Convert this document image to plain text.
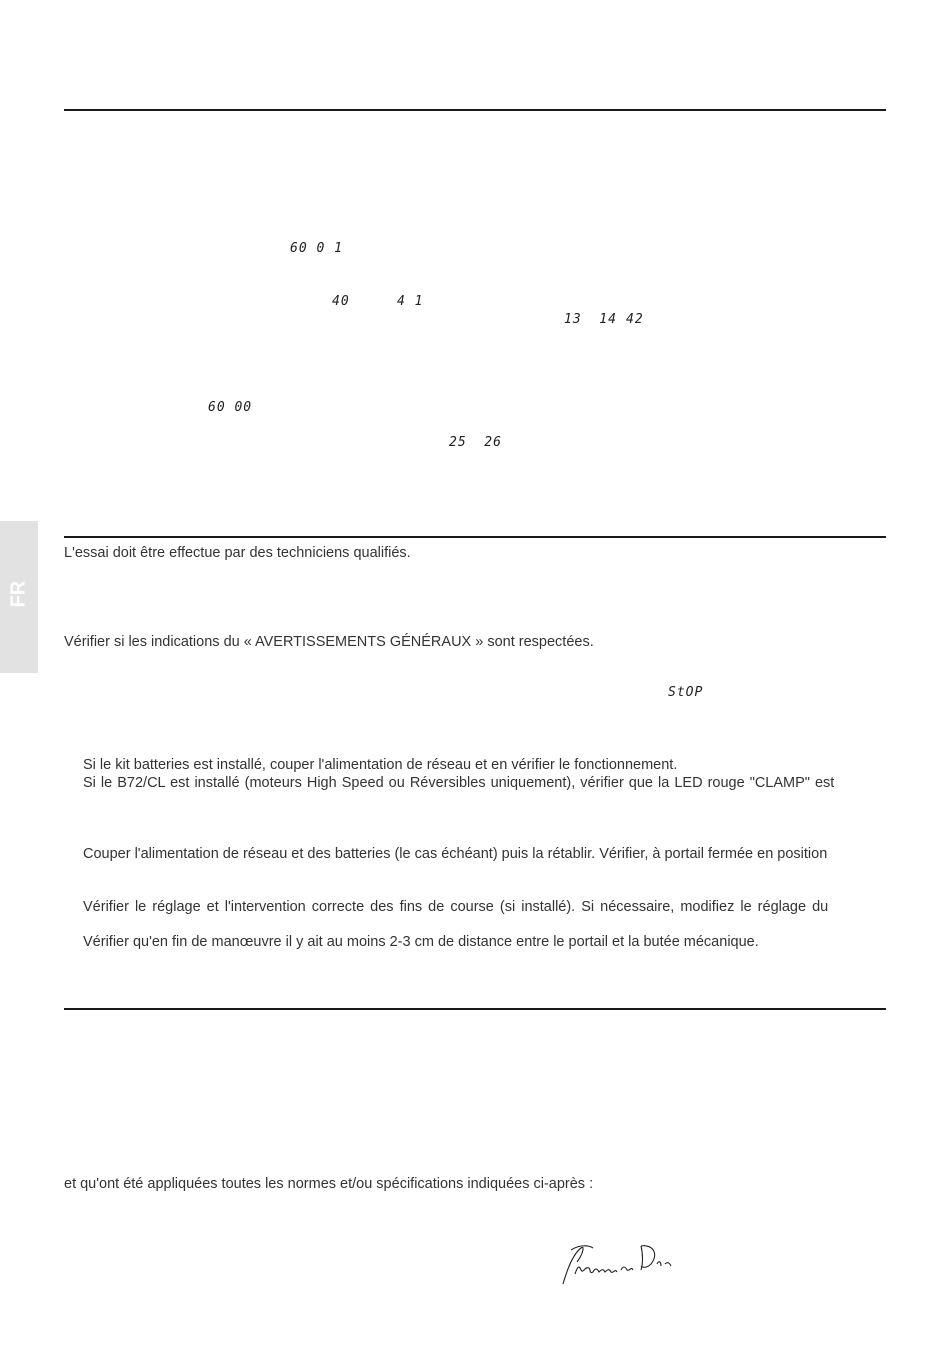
60 0 1
40	4 1
13  14 42
60 00
25  26
FR
L'essai doit être effectue par des techniciens qualifiés.
Vérifier si les indications du « AVERTISSEMENTS GÉNÉRAUX » sont respectées.
StOP
Si le kit batteries est installé, couper l'alimentation de réseau et en vérifier le fonctionnement.
Si le B72/CL est installé (moteurs High Speed ou Réversibles uniquement), vérifier que la LED rouge "CLAMP" est
Couper l'alimentation de réseau et des batteries (le cas échéant) puis la rétablir. Vérifier, à portail fermée en position
Vérifier le réglage et l'intervention correcte des fins de course (si installé). Si nécessaire, modifiez le réglage du
Vérifier qu'en fin de manœuvre il y ait au moins 2-3 cm de distance entre le portail et la butée mécanique.
et qu'ont été appliquées toutes les normes et/ou spécifications indiquées ci-après :
